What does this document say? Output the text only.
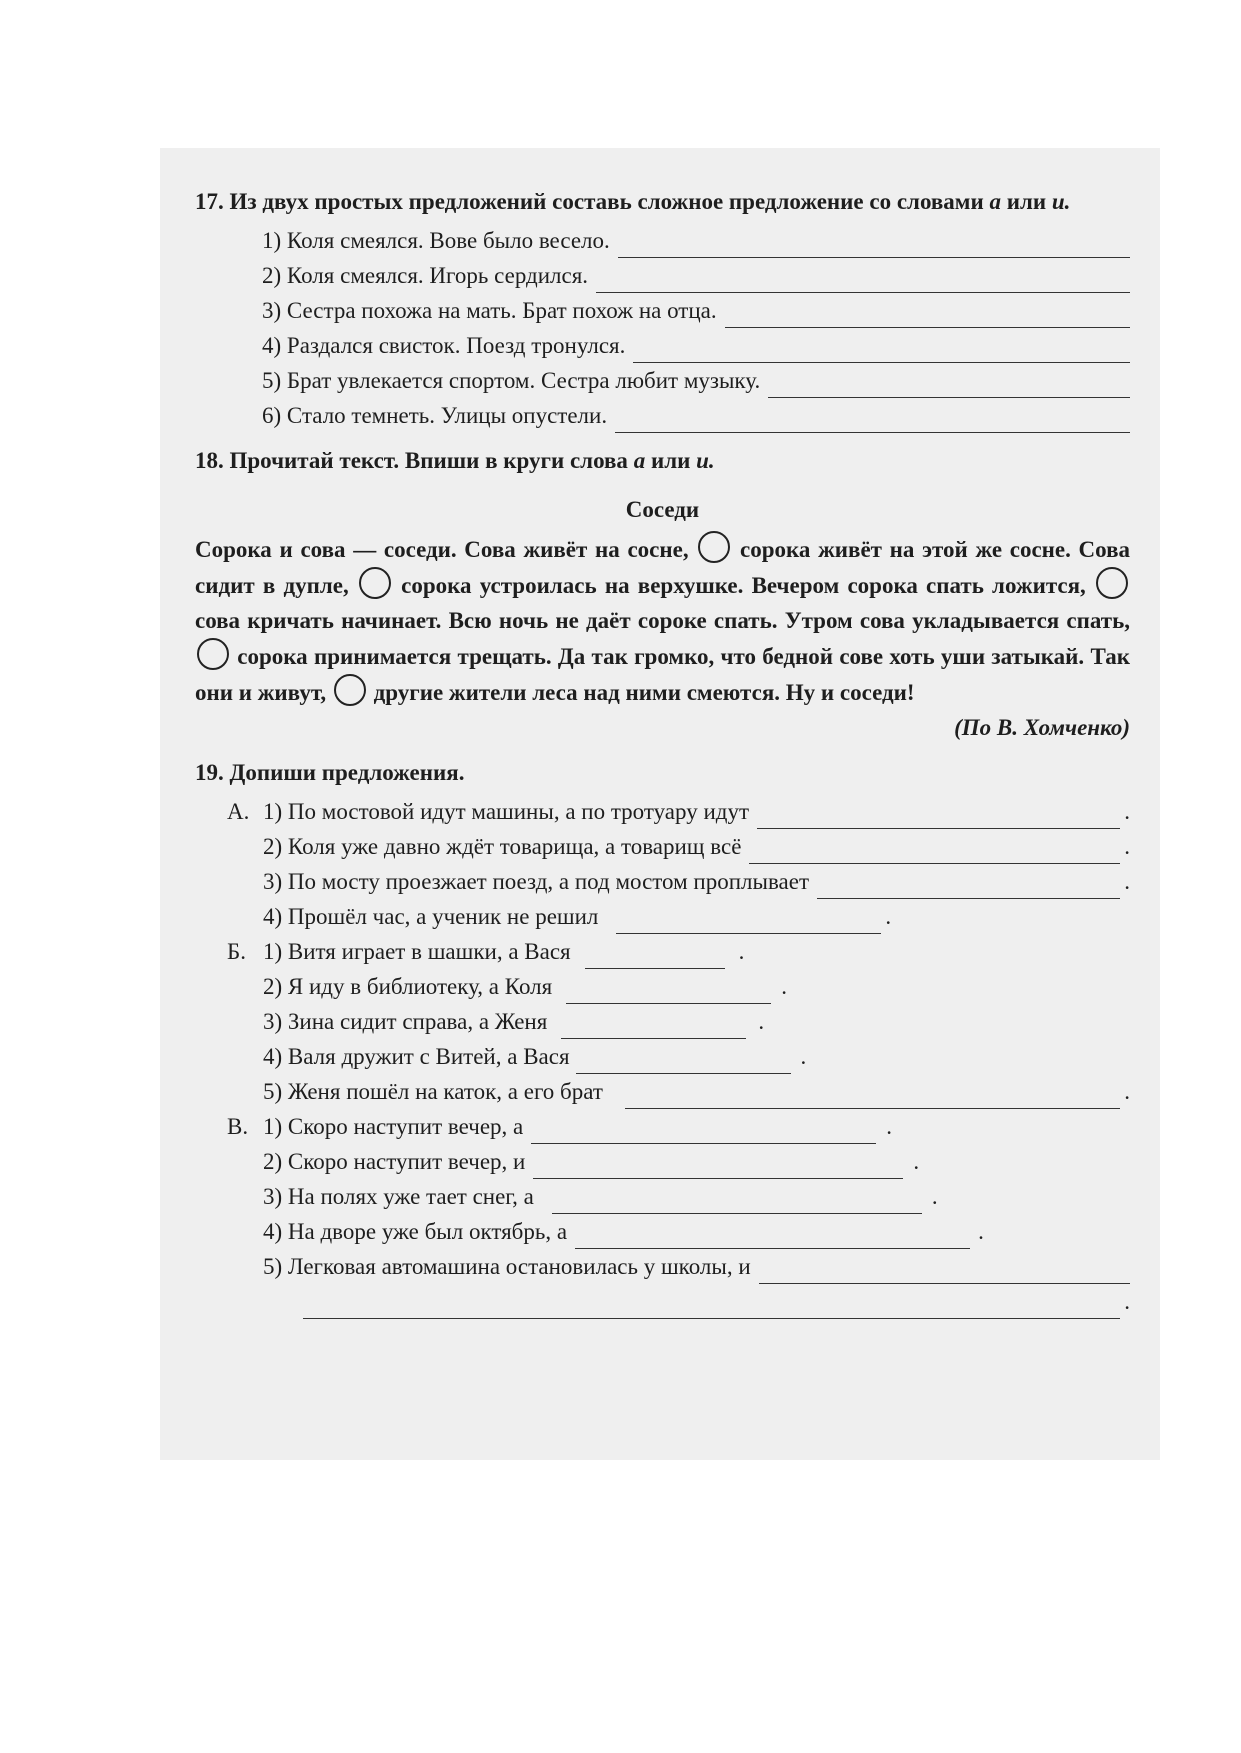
17. Из двух простых предложений составь сложное предложение со словами а или и.
1) Коля смеялся. Вове было весело.
2) Коля смеялся. Игорь сердился.
3) Сестра похожа на мать. Брат похож на отца.
4) Раздался свисток. Поезд тронулся.
5) Брат увлекается спортом. Сестра любит музыку.
6) Стало темнеть. Улицы опустели.
18. Прочитай текст. Впиши в круги слова а или и.
Соседи
Сорока и сова — соседи. Сова живёт на сосне, сорока живёт на этой же сосне. Сова сидит в дупле, сорока устроилась на верхушке. Вечером сорока спать ложится,  сова кричать начинает. Всю ночь не даёт сороке спать. Утром сова укладывается спать,  сорока принимается трещать. Да так громко, что бедной сове хоть уши затыкай. Так они и живут, другие жители леса над ними смеются. Ну и соседи!
(По В. Хомченко)
19. Допиши предложения.
А. 1) По мостовой идут машины, а по тротуару идут	.
2) Коля уже давно ждёт товарища, а товарищ всё	.
3) По мосту проезжает поезд, а под мостом проплывает	.
4) Прошёл час, а ученик не решил	.
Б. 1) Витя играет в шашки, а Вася	.
2) Я иду в библиотеку, а Коля	.
3) Зина сидит справа, а Женя	.
4) Валя дружит с Витей, а Вася	.
5) Женя пошёл на каток, а его брат	.
В. 1) Скоро наступит вечер, а	.
2) Скоро наступит вечер, и	.
3) На полях уже тает снег, а	.
4) На дворе уже был октябрь, а	.
5) Легковая автомашина остановилась у школы, и
.
